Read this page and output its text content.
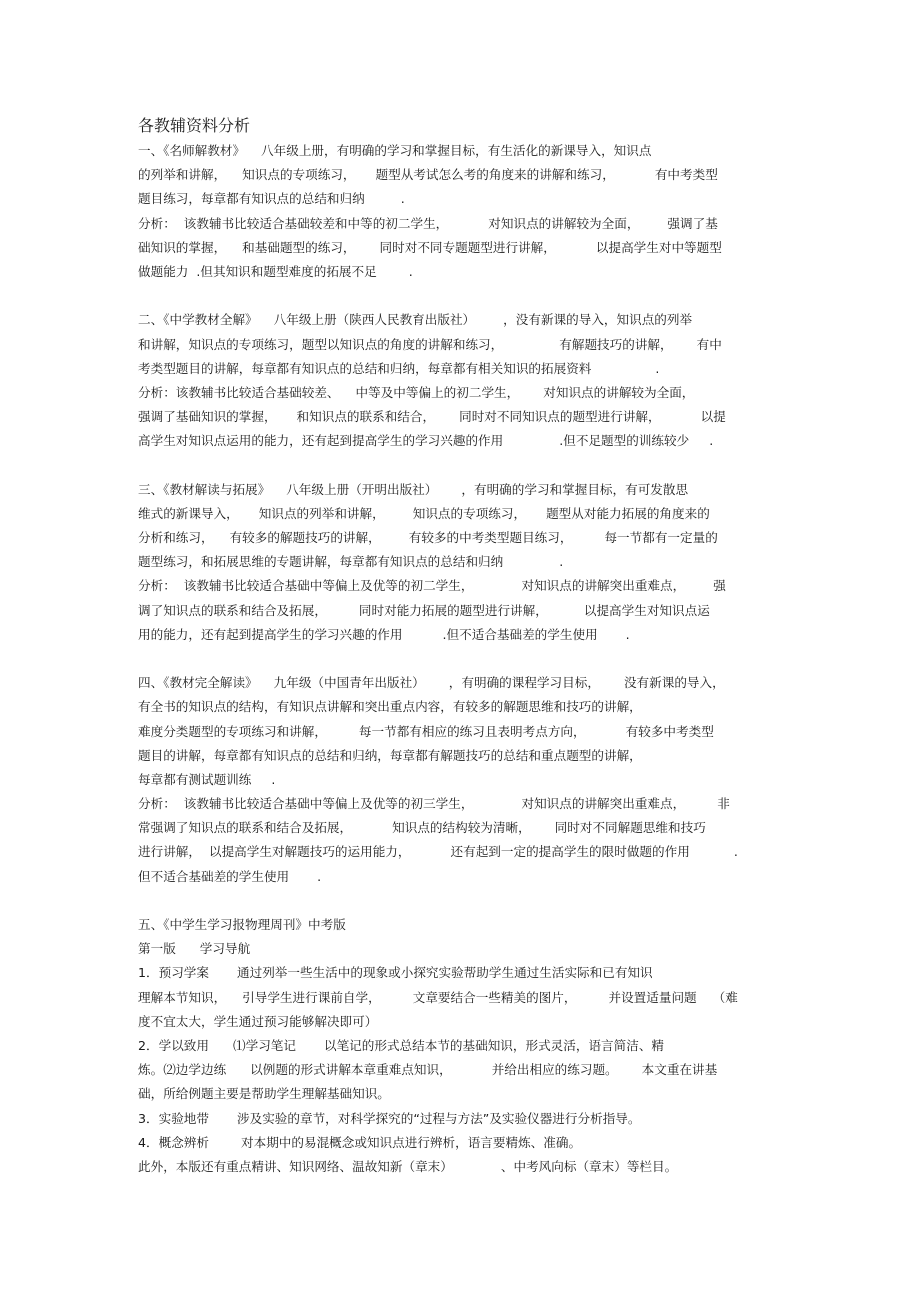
各教辅资料分析
一、《名师解教材》    八年级上册，有明确的学习和掌握目标，有生活化的新课导入，知识点
的列举和讲解，    知识点的专项练习，     题型从考试怎么考的角度来的讲解和练习，          有中考类型
题目练习，每章都有知识点的总结和归纳         .
分析：  该教辅书比较适合基础较差和中等的初二学生，          对知识点的讲解较为全面，       强调了基
础知识的掌握，    和基础题型的练习，      同时对不同专题题型进行讲解，          以提高学生对中等题型
做题能力  .但其知识和题型难度的拓展不足        .
二、《中学教材全解》    八年级上册（陕西人民教育出版社）       ，没有新课的导入，知识点的列举
和讲解，知识点的专项练习，题型以知识点的角度的讲解和练习，              有解题技巧的讲解，      有中
考类型题目的讲解，每章都有知识点的总结和归纳，每章都有相关知识的拓展资料                .
分析：该教辅书比较适合基础较差、    中等及中等偏上的初二学生，      对知识点的讲解较为全面，
强调了基础知识的掌握，     和知识点的联系和结合，      同时对不同知识点的题型进行讲解，          以提
高学生对知识点运用的能力，还有起到提高学生的学习兴趣的作用              .但不足题型的训练较少     .
三、《教材解读与拓展》    八年级上册（开明出版社）      ，有明确的学习和掌握目标，有可发散思
维式的新课导入，     知识点的列举和讲解，       知识点的专项练习，     题型从对能力拓展的角度来的
分析和练习，    有较多的解题技巧的讲解，       有较多的中考类型题目练习，        每一节都有一定量的
题型练习，和拓展思维的专题讲解，每章都有知识点的总结和归纳              .
分析：  该教辅书比较适合基础中等偏上及优等的初二学生，            对知识点的讲解突出重难点，       强
调了知识点的联系和结合及拓展，        同时对能力拓展的题型进行讲解，         以提高学生对知识点运
用的能力，还有起到提高学生的学习兴趣的作用          .但不适合基础差的学生使用       .
四、《教材完全解读》    九年级（中国青年出版社）      ，有明确的课程学习目标，      没有新课的导入，
有全书的知识点的结构，有知识点讲解和突出重点内容，有较多的解题思维和技巧的讲解，
难度分类题型的专项练习和讲解，        每一节都有相应的练习且表明考点方向，          有较多中考类型
题目的讲解，每章都有知识点的总结和归纳，每章都有解题技巧的总结和重点题型的讲解，
每章都有测试题训练     .
分析：  该教辅书比较适合基础中等偏上及优等的初三学生，            对知识点的讲解突出重难点，        非
常强调了知识点的联系和结合及拓展，          知识点的结构较为清晰，      同时对不同解题思维和技巧
进行讲解，  以提高学生对解题技巧的运用能力，          还有起到一定的提高学生的限时做题的作用           .
但不适合基础差的学生使用       .
五、《中学生学习报物理周刊》中考版
第一版      学习导航
1．预习学案       通过列举一些生活中的现象或小探究实验帮助学生通过生活实际和已有知识
理解本节知识，    引导学生进行课前自学，        文章要结合一些精美的图片，        并设置适量问题    （难
度不宜太大，学生通过预习能够解决即可）
2．学以致用      ⑴学习笔记       以笔记的形式总结本节的基础知识，形式灵活，语言简洁、精
炼。⑵边学边练      以例题的形式讲解本章重难点知识，          并给出相应的练习题。      本文重在讲基
础，所给例题主要是帮助学生理解基础知识。
3．实验地带       涉及实验的章节，对科学探究的“过程与方法”及实验仪器进行分析指导。
4．概念辨析        对本期中的易混概念或知识点进行辨析，语言要精炼、准确。
此外，本版还有重点精讲、知识网络、温故知新（章末）            、中考风向标（章末）等栏目。
